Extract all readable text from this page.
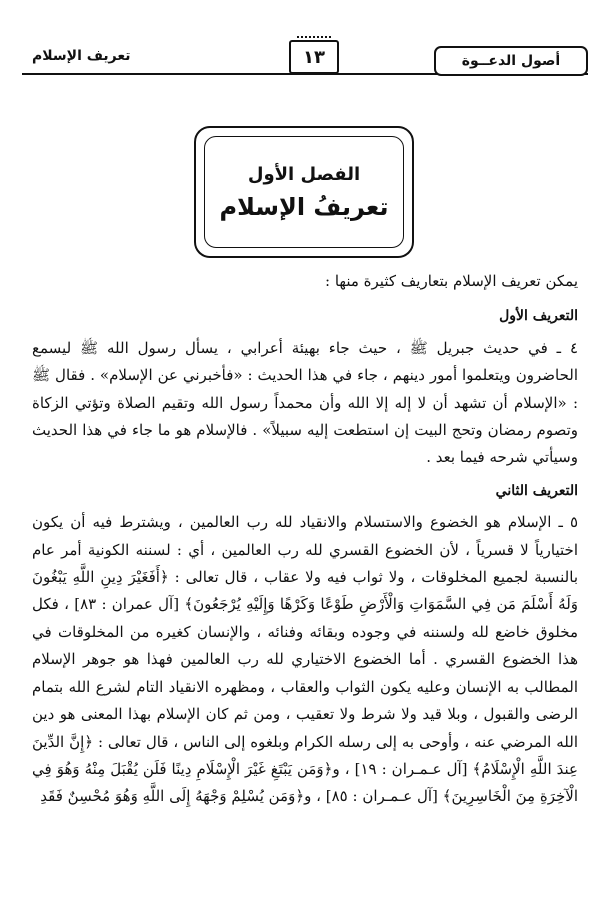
أصول الدعــوة
١٣
تعريف الإسلام
الفصل الأول
تعريفُ الإسلام

يمكن تعريف الإسلام بتعاريف كثيرة منها :

التعريف الأول

٤ ـ في حديث جبريل ﷺ ، حيث جاء بهيئة أعرابي ، يسأل رسول الله ﷺ ليسمع الحاضرون ويتعلموا أمور دينهم ، جاء في هذا الحديث : «فأخبرني عن الإسلام» . فقال ﷺ : «الإسلام أن تشهد أن لا إله إلا الله وأن محمداً رسول الله وتقيم الصلاة وتؤتي الزكاة وتصوم رمضان وتحج البيت إن استطعت إليه سبيلاً» . فالإسلام هو ما جاء في هذا الحديث وسيأتي شرحه فيما بعد .

التعريف الثاني

٥ ـ الإسلام هو الخضوع والاستسلام والانقياد لله رب العالمين ، ويشترط فيه أن يكون اختيارياً لا قسرياً ، لأن الخضوع القسري لله رب العالمين ، أي : لسننه الكونية أمر عام بالنسبة لجميع المخلوقات ، ولا ثواب فيه ولا عقاب ، قال تعالى : ﴿أَفَغَيْرَ دِينِ اللَّهِ يَبْغُونَ وَلَهُ أَسْلَمَ مَن فِي السَّمَوَاتِ وَالْأَرْضِ طَوْعًا وَكَرْهًا وَإِلَيْهِ يُرْجَعُونَ﴾ [آل عمران : ٨٣] ، فكل مخلوق خاضع لله ولسننه في وجوده وبقائه وفنائه ، والإنسان كغيره من المخلوقات في هذا الخضوع القسري . أما الخضوع الاختياري لله رب العالمين فهذا هو جوهر الإسلام المطالب به الإنسان وعليه يكون الثواب والعقاب ، ومظهره الانقياد التام لشرع الله بتمام الرضى والقبول ، وبلا قيد ولا شرط ولا تعقيب ، ومن ثم كان الإسلام بهذا المعنى هو دين الله المرضي عنه ، وأوحى به إلى رسله الكرام وبلغوه إلى الناس ، قال تعالى : ﴿إِنَّ الدِّينَ عِندَ اللَّهِ الْإِسْلَامُ﴾ [آل عـمـران : ١٩] ، و﴿وَمَن يَبْتَغِ غَيْرَ الْإِسْلَامِ دِينًا فَلَن يُقْبَلَ مِنْهُ وَهُوَ فِي الْآخِرَةِ مِنَ الْخَاسِرِينَ﴾ [آل عـمـران : ٨٥] ، و﴿وَمَن يُسْلِمْ وَجْهَهُ إِلَى اللَّهِ وَهُوَ مُحْسِنٌ فَقَدِ
